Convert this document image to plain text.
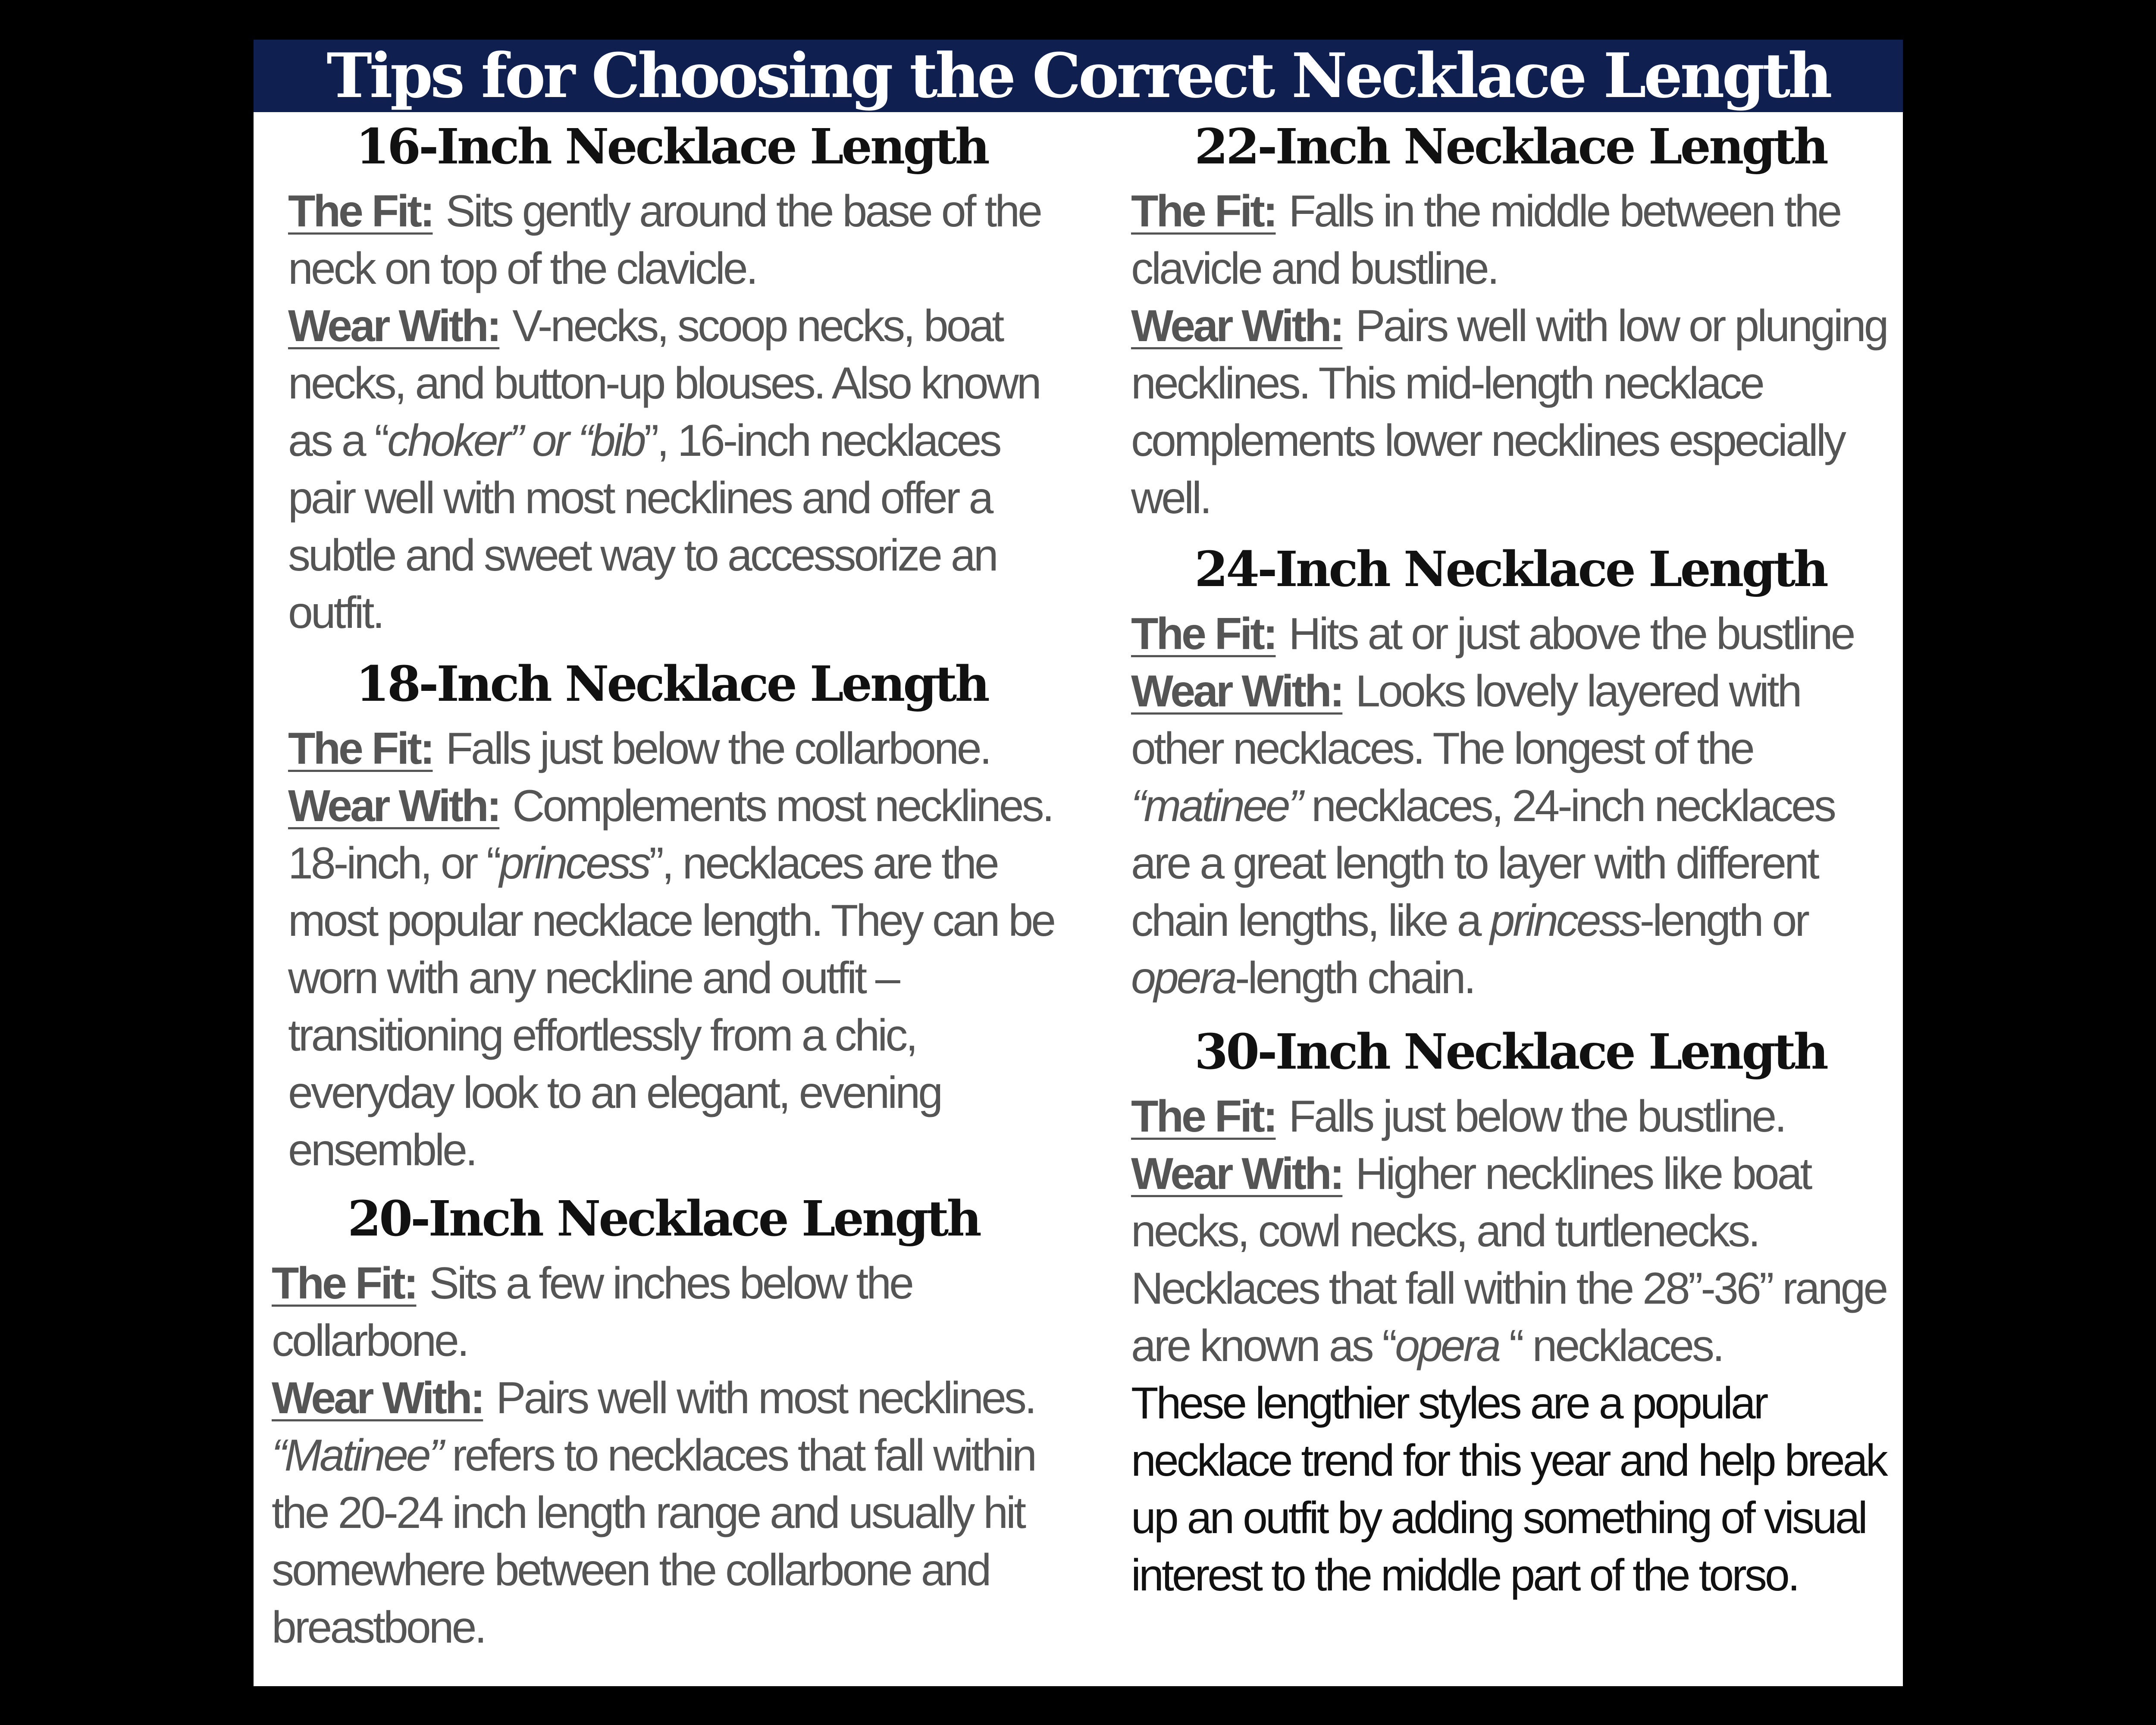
Tips for Choosing the Correct Necklace Length
16-Inch Necklace Length

The Fit: Sits gently around the base of the neck on top of the clavicle.

Wear With: V-necks, scoop necks, boat necks, and button-up blouses. Also known as a “choker” or “bib”, 16-inch necklaces pair well with most necklines and offer a subtle and sweet way to accessorize an outfit.

18-Inch Necklace Length

The Fit: Falls just below the collarbone.

Wear With: Complements most necklines. 18-inch, or “princess”, necklaces are the most popular necklace length. They can be worn with any neckline and outfit – transitioning effortlessly from a chic, everyday look to an elegant, evening ensemble.

20-Inch Necklace Length

The Fit: Sits a few inches below the collarbone.

Wear With: Pairs well with most necklines. “Matinee” refers to necklaces that fall within the 20-24 inch length range and usually hit somewhere between the collarbone and breastbone.

22-Inch Necklace Length

The Fit: Falls in the middle between the clavicle and bustline.

Wear With: Pairs well with low or plunging necklines. This mid-length necklace complements lower necklines especially well.

24-Inch Necklace Length

The Fit: Hits at or just above the bustline

Wear With: Looks lovely layered with other necklaces. The longest of the “matinee” necklaces, 24-inch necklaces are a great length to layer with different chain lengths, like a princess-length or opera-length chain.

30-Inch Necklace Length

The Fit: Falls just below the bustline.

Wear With: Higher necklines like boat necks, cowl necks, and turtlenecks. Necklaces that fall within the 28”-36” range are known as “opera “ necklaces.

These lengthier styles are a popular necklace trend for this year and help break up an outfit by adding something of visual interest to the middle part of the torso.
